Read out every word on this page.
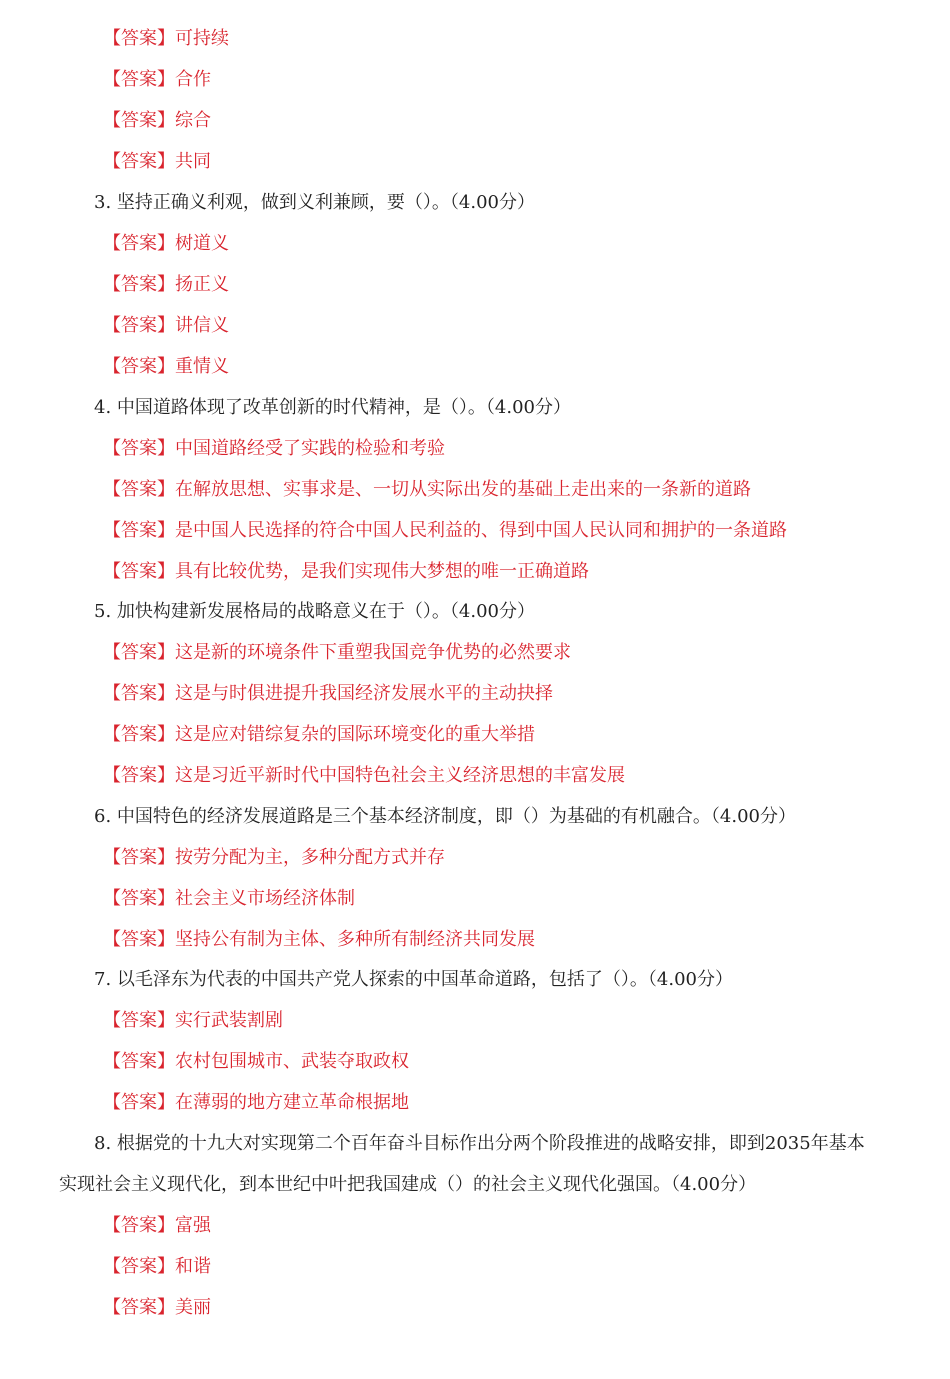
【答案】可持续
【答案】合作
【答案】综合
【答案】共同
3. 坚持正确义利观，做到义利兼顾，要（）。（4.00分）
【答案】树道义
【答案】扬正义
【答案】讲信义
【答案】重情义
4. 中国道路体现了改革创新的时代精神，是（）。（4.00分）
【答案】中国道路经受了实践的检验和考验
【答案】在解放思想、实事求是、一切从实际出发的基础上走出来的一条新的道路
【答案】是中国人民选择的符合中国人民利益的、得到中国人民认同和拥护的一条道路
【答案】具有比较优势，是我们实现伟大梦想的唯一正确道路
5. 加快构建新发展格局的战略意义在于（）。（4.00分）
【答案】这是新的环境条件下重塑我国竞争优势的必然要求
【答案】这是与时俱进提升我国经济发展水平的主动抉择
【答案】这是应对错综复杂的国际环境变化的重大举措
【答案】这是习近平新时代中国特色社会主义经济思想的丰富发展
6. 中国特色的经济发展道路是三个基本经济制度，即（）为基础的有机融合。（4.00分）
【答案】按劳分配为主，多种分配方式并存
【答案】社会主义市场经济体制
【答案】坚持公有制为主体、多种所有制经济共同发展
7. 以毛泽东为代表的中国共产党人探索的中国革命道路，包括了（）。（4.00分）
【答案】实行武装割剧
【答案】农村包围城市、武装夺取政权
【答案】在薄弱的地方建立革命根据地
8. 根据党的十九大对实现第二个百年奋斗目标作出分两个阶段推进的战略安排，即到2035年基本
实现社会主义现代化，到本世纪中叶把我国建成（）的社会主义现代化强国。（4.00分）
【答案】富强
【答案】和谐
【答案】美丽
